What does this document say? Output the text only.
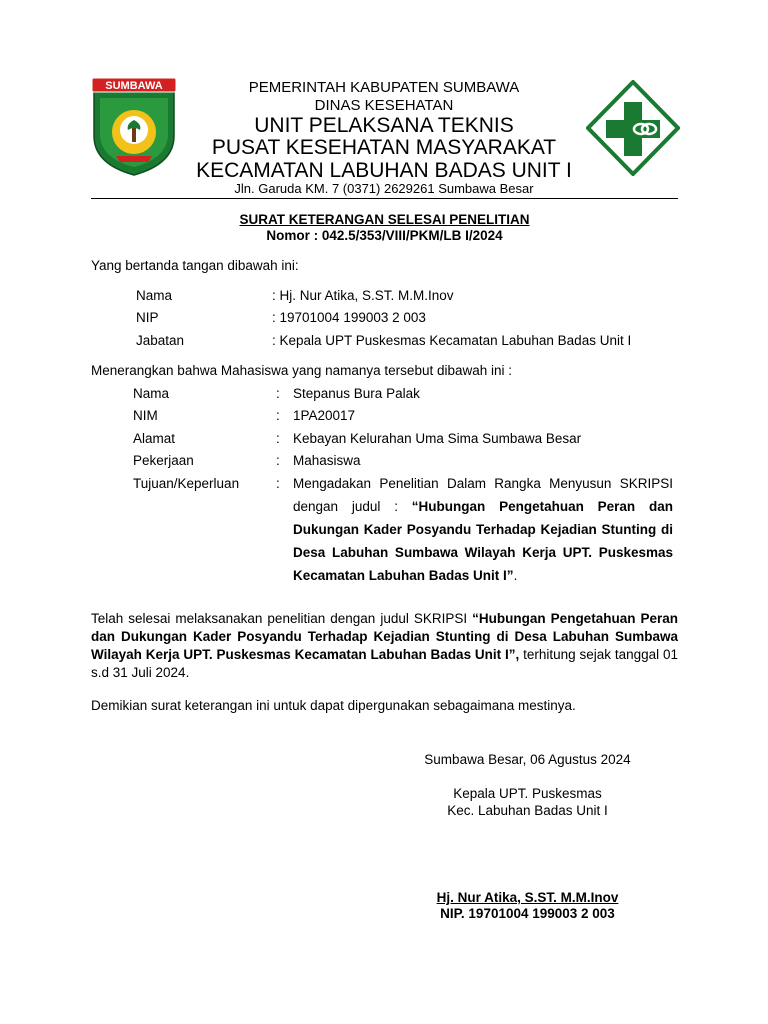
SUMBAWA	PEMERINTAH KABUPATEN SUMBAWA
DINAS KESEHATAN
UNIT PELAKSANA TEKNIS
PUSAT KESEHATAN MASYARAKAT
KECAMATAN LABUHAN BADAS UNIT I
Jln. Garuda KM. 7 (0371) 2629261 Sumbawa Besar
SURAT KETERANGAN SELESAI PENELITIAN
Nomor : 042.5/353/VIII/PKM/LB I/2024
Yang bertanda tangan dibawah ini:
Nama	: Hj. Nur Atika, S.ST. M.M.Inov
NIP	: 19701004 199003 2 003
Jabatan	: Kepala UPT Puskesmas Kecamatan Labuhan Badas Unit I
Menerangkan bahwa Mahasiswa yang namanya tersebut dibawah ini :
Nama	: Stepanus Bura Palak
NIM	: 1PA20017
Alamat	: Kebayan Kelurahan Uma Sima Sumbawa Besar
Pekerjaan	: Mahasiswa
Tujuan/Keperluan	: Mengadakan Penelitian Dalam Rangka Menyusun SKRIPSI dengan judul : “Hubungan Pengetahuan Peran dan Dukungan Kader Posyandu Terhadap Kejadian Stunting di Desa Labuhan Sumbawa Wilayah Kerja UPT. Puskesmas Kecamatan Labuhan Badas Unit I”.
Telah selesai melaksanakan penelitian dengan judul SKRIPSI “Hubungan Pengetahuan Peran dan Dukungan Kader Posyandu Terhadap Kejadian Stunting di Desa Labuhan Sumbawa Wilayah Kerja UPT. Puskesmas Kecamatan Labuhan Badas Unit I”, terhitung sejak tanggal 01 s.d 31 Juli 2024.
Demikian surat keterangan ini untuk dapat dipergunakan sebagaimana mestinya.
Sumbawa Besar, 06 Agustus 2024
Kepala UPT. Puskesmas
Kec. Labuhan Badas Unit I
Hj. Nur Atika, S.ST. M.M.Inov
NIP. 19701004 199003 2 003
